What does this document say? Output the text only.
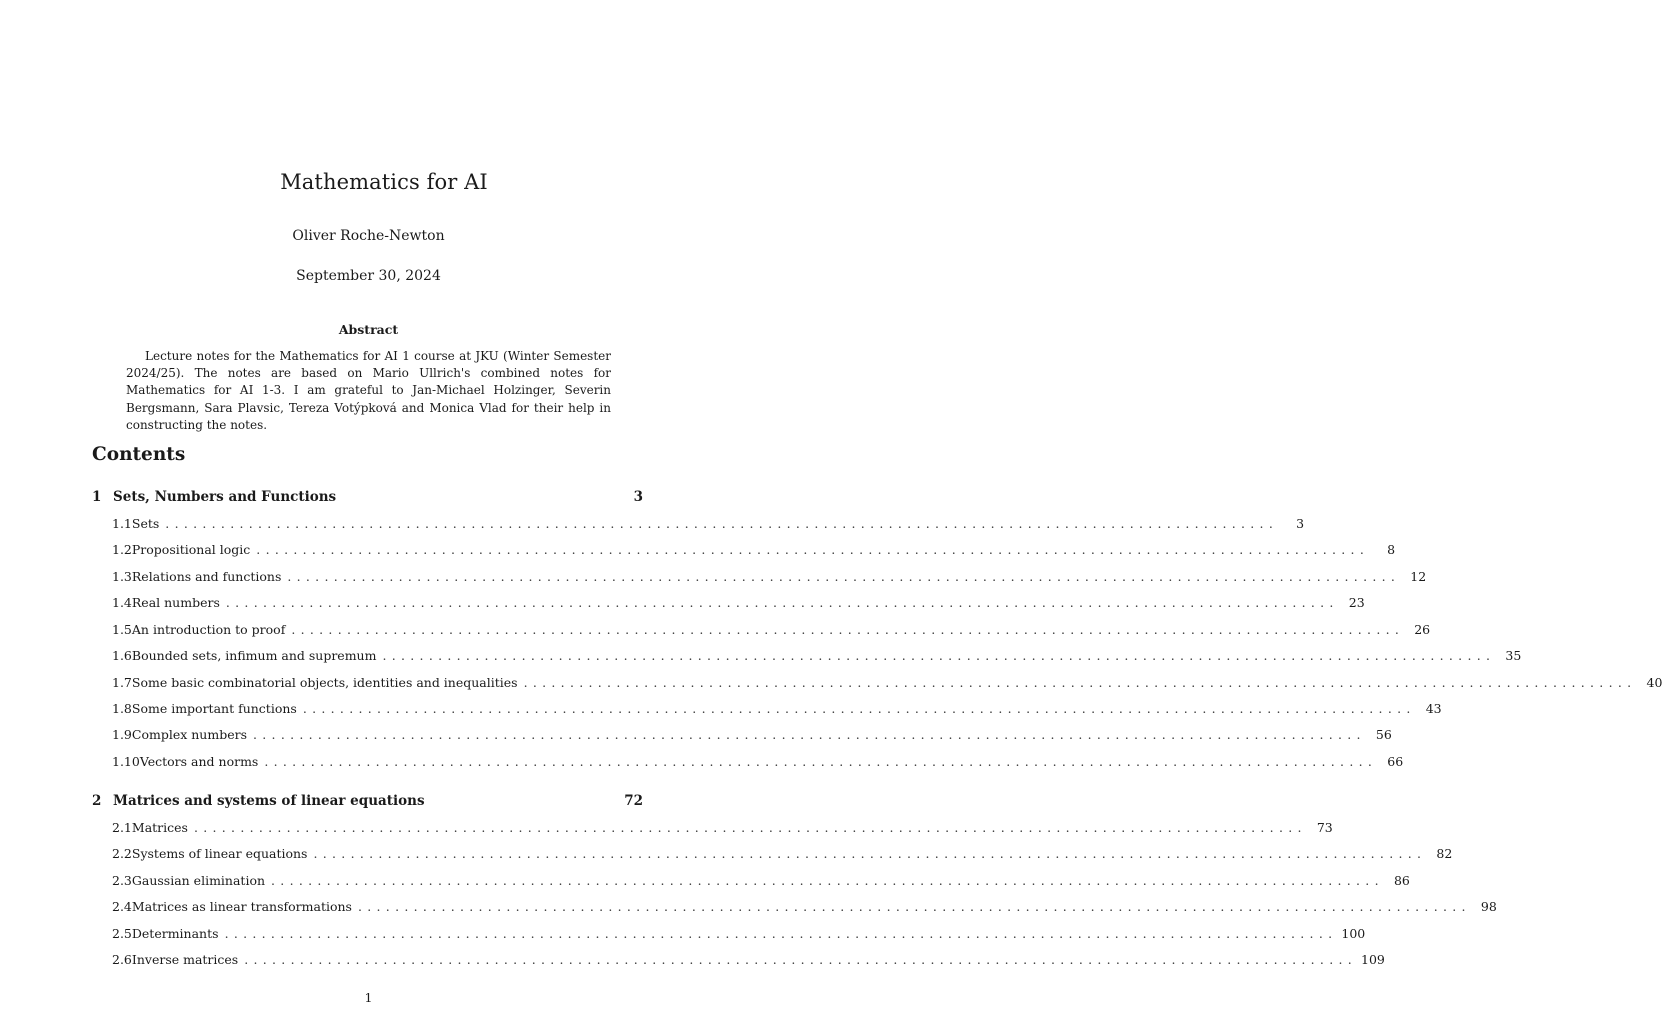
Mathematics for AI
Oliver Roche-Newton
September 30, 2024
Abstract
Lecture notes for the Mathematics for AI 1 course at JKU (Winter Semester 2024/25). The notes are based on Mario Ullrich's combined notes for Mathematics for AI 1-3. I am grateful to Jan-Michael Holzinger, Severin Bergsmann, Sara Plavsic, Tereza Votýpková and Monica Vlad for their help in constructing the notes.
Contents
1 Sets, Numbers and Functions	3
1.1 Sets ........................................................................................................................	3
1.2 Propositional logic ........................................................................................................................	8
1.3 Relations and functions ........................................................................................................................ 12
1.4 Real numbers ........................................................................................................................ 23
1.5 An introduction to proof ........................................................................................................................ 26
1.6 Bounded sets, infimum and supremum ........................................................................................................................ 35
1.7 Some basic combinatorial objects, identities and inequalities ........................................................................................................................ 40
1.8 Some important functions ........................................................................................................................ 43
1.9 Complex numbers ........................................................................................................................ 56
1.10 Vectors and norms ........................................................................................................................ 66
2 Matrices and systems of linear equations	72
2.1 Matrices ........................................................................................................................ 73
2.2 Systems of linear equations ........................................................................................................................ 82
2.3 Gaussian elimination ........................................................................................................................ 86
2.4 Matrices as linear transformations ........................................................................................................................ 98
2.5 Determinants ........................................................................................................................ 100
2.6 Inverse matrices ........................................................................................................................ 109
1
